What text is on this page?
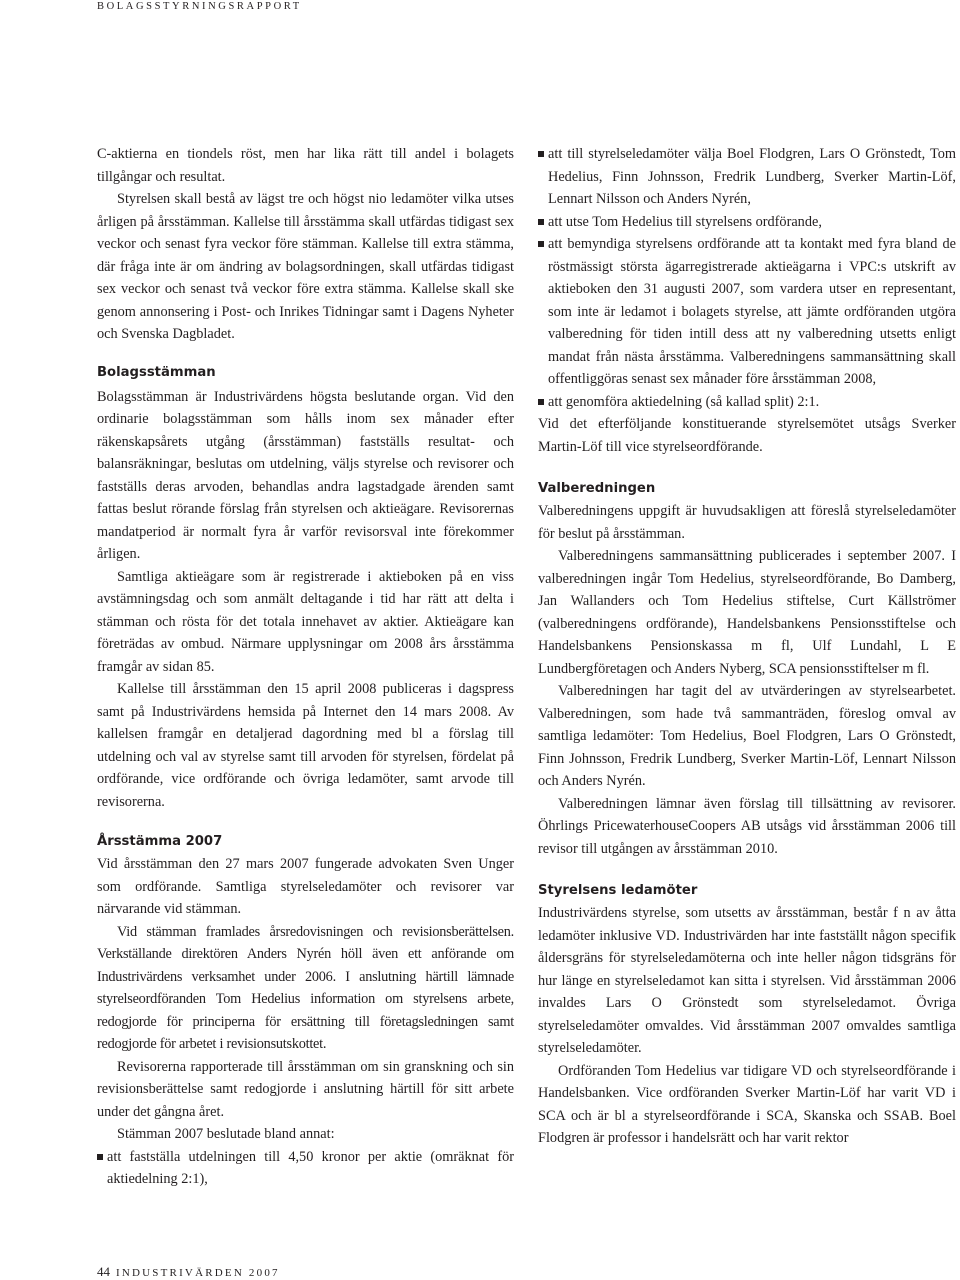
BOLAGSSTYRNINGSRAPPORT

C-aktierna en tiondels röst, men har lika rätt till andel i bolagets tillgångar och resultat.

Styrelsen skall bestå av lägst tre och högst nio ledamöter vilka utses årligen på årsstämman. Kallelse till årsstämma skall utfärdas tidigast sex veckor och senast fyra veckor före stämman. Kallelse till extra stämma, där fråga inte är om ändring av bolagsordningen, skall utfärdas tidigast sex veckor och senast två veckor före extra stämma. Kallelse skall ske genom annonsering i Post- och Inrikes Tidningar samt i Dagens Nyheter och Svenska Dagbladet.

Bolagsstämman

Bolagsstämman är Industrivärdens högsta beslutande organ. Vid den ordinarie bolagsstämman som hålls inom sex månader efter räkenskapsårets utgång (årsstämman) fastställs resultat- och balansräkningar, beslutas om utdelning, väljs styrelse och revisorer och fastställs deras arvoden, behandlas andra lagstadgade ärenden samt fattas beslut rörande förslag från styrelsen och aktieägare. Revisorernas mandatperiod är normalt fyra år varför revisorsval inte förekommer årligen.

Samtliga aktieägare som är registrerade i aktieboken på en viss avstämningsdag och som anmält deltagande i tid har rätt att delta i stämman och rösta för det totala innehavet av aktier. Aktieägare kan företrädas av ombud. Närmare upplysningar om 2008 års årsstämma framgår av sidan 85.

Kallelse till årsstämman den 15 april 2008 publiceras i dagspress samt på Industrivärdens hemsida på Internet den 14 mars 2008. Av kallelsen framgår en detaljerad dagordning med bl a förslag till utdelning och val av styrelse samt till arvoden för styrelsen, fördelat på ordförande, vice ordförande och övriga ledamöter, samt arvode till revisorerna.

Årsstämma 2007

Vid årsstämman den 27 mars 2007 fungerade advokaten Sven Unger som ordförande. Samtliga styrelseledamöter och revisorer var närvarande vid stämman.

Vid stämman framlades årsredovisningen och revisionsberättelsen. Verkställande direktören Anders Nyrén höll även ett anförande om Industrivärdens verksamhet under 2006. I anslutning härtill lämnade styrelseordföranden Tom Hedelius information om styrelsens arbete, redogjorde för principerna för ersättning till företagsledningen samt redogjorde för arbetet i revisionsutskottet.

Revisorerna rapporterade till årsstämman om sin granskning och sin revisionsberättelse samt redogjorde i anslutning härtill för sitt arbete under det gångna året.

Stämman 2007 beslutade bland annat:

att fastställa utdelningen till 4,50 kronor per aktie (omräknat för aktiedelning 2:1),

att till styrelseledamöter välja Boel Flodgren, Lars O Grönstedt, Tom Hedelius, Finn Johnsson, Fredrik Lundberg, Sverker Martin-Löf, Lennart Nilsson och Anders Nyrén,

att utse Tom Hedelius till styrelsens ordförande,

att bemyndiga styrelsens ordförande att ta kontakt med fyra bland de röstmässigt största ägarregistrerade aktieägarna i VPC:s utskrift av aktieboken den 31 augusti 2007, som vardera utser en representant, som inte är ledamot i bolagets styrelse, att jämte ordföranden utgöra valberedning för tiden intill dess att ny valberedning utsetts enligt mandat från nästa årsstämma. Valberedningens sammansättning skall offentliggöras senast sex månader före årsstämman 2008,

att genomföra aktiedelning (så kallad split) 2:1.

Vid det efterföljande konstituerande styrelsemötet utsågs Sverker Martin-Löf till vice styrelseordförande.

Valberedningen

Valberedningens uppgift är huvudsakligen att föreslå styrelseledamöter för beslut på årsstämman.

Valberedningens sammansättning publicerades i september 2007. I valberedningen ingår Tom Hedelius, styrelseordförande, Bo Damberg, Jan Wallanders och Tom Hedelius stiftelse, Curt Källströmer (valberedningens ordförande), Handelsbankens Pensionsstiftelse och Handelsbankens Pensionskassa m fl, Ulf Lundahl, L E Lundbergföretagen och Anders Nyberg, SCA pensionsstiftelser m fl.

Valberedningen har tagit del av utvärderingen av styrelsearbetet. Valberedningen, som hade två sammanträden, föreslog omval av samtliga ledamöter: Tom Hedelius, Boel Flodgren, Lars O Grönstedt, Finn Johnsson, Fredrik Lundberg, Sverker Martin-Löf, Lennart Nilsson och Anders Nyrén.

Valberedningen lämnar även förslag till tillsättning av revisorer. Öhrlings PricewaterhouseCoopers AB utsågs vid årsstämman 2006 till revisor till utgången av årsstämman 2010.

Styrelsens ledamöter

Industrivärdens styrelse, som utsetts av årsstämman, består f n av åtta ledamöter inklusive VD. Industrivärden har inte fastställt någon specifik åldersgräns för styrelseledamöterna och inte heller någon tidsgräns för hur länge en styrelseledamot kan sitta i styrelsen. Vid årsstämman 2006 invaldes Lars O Grönstedt som styrelseledamot. Övriga styrelseledamöter omvaldes. Vid årsstämman 2007 omvaldes samtliga styrelseledamöter.

Ordföranden Tom Hedelius var tidigare VD och styrelseordförande i Handelsbanken. Vice ordföranden Sverker Martin-Löf har varit VD i SCA och är bl a styrelseordförande i SCA, Skanska och SSAB. Boel Flodgren är professor i handelsrätt och har varit rektor

44 INDUSTRIVÄRDEN 2007
